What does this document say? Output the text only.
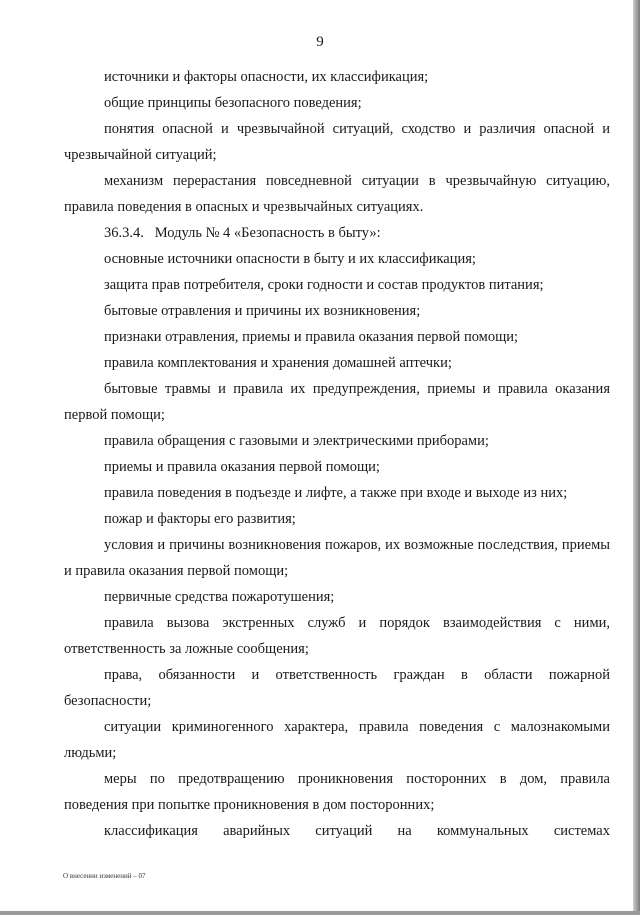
9

источники и факторы опасности, их классификация;

общие принципы безопасного поведения;

понятия опасной и чрезвычайной ситуаций, сходство и различия опасной и чрезвычайной ситуаций;

механизм перерастания повседневной ситуации в чрезвычайную ситуацию, правила поведения в опасных и чрезвычайных ситуациях.

36.3.4.   Модуль № 4 «Безопасность в быту»:

основные источники опасности в быту и их классификация;

защита прав потребителя, сроки годности и состав продуктов питания;

бытовые отравления и причины их возникновения;

признаки отравления, приемы и правила оказания первой помощи;

правила комплектования и хранения домашней аптечки;

бытовые травмы и правила их предупреждения, приемы и правила оказания первой помощи;

правила обращения с газовыми и электрическими приборами;

приемы и правила оказания первой помощи;

правила поведения в подъезде и лифте, а также при входе и выходе из них;

пожар и факторы его развития;

условия и причины возникновения пожаров, их возможные последствия, приемы и правила оказания первой помощи;

первичные средства пожаротушения;

правила вызова экстренных служб и порядок взаимодействия с ними, ответственность за ложные сообщения;

права, обязанности и ответственность граждан в области пожарной безопасности;

ситуации криминогенного характера, правила поведения с малознакомыми людьми;

меры по предотвращению проникновения посторонних в дом, правила поведения при попытке проникновения в дом посторонних;

классификация аварийных ситуаций на коммунальных системах

О внесении изменений – 07
